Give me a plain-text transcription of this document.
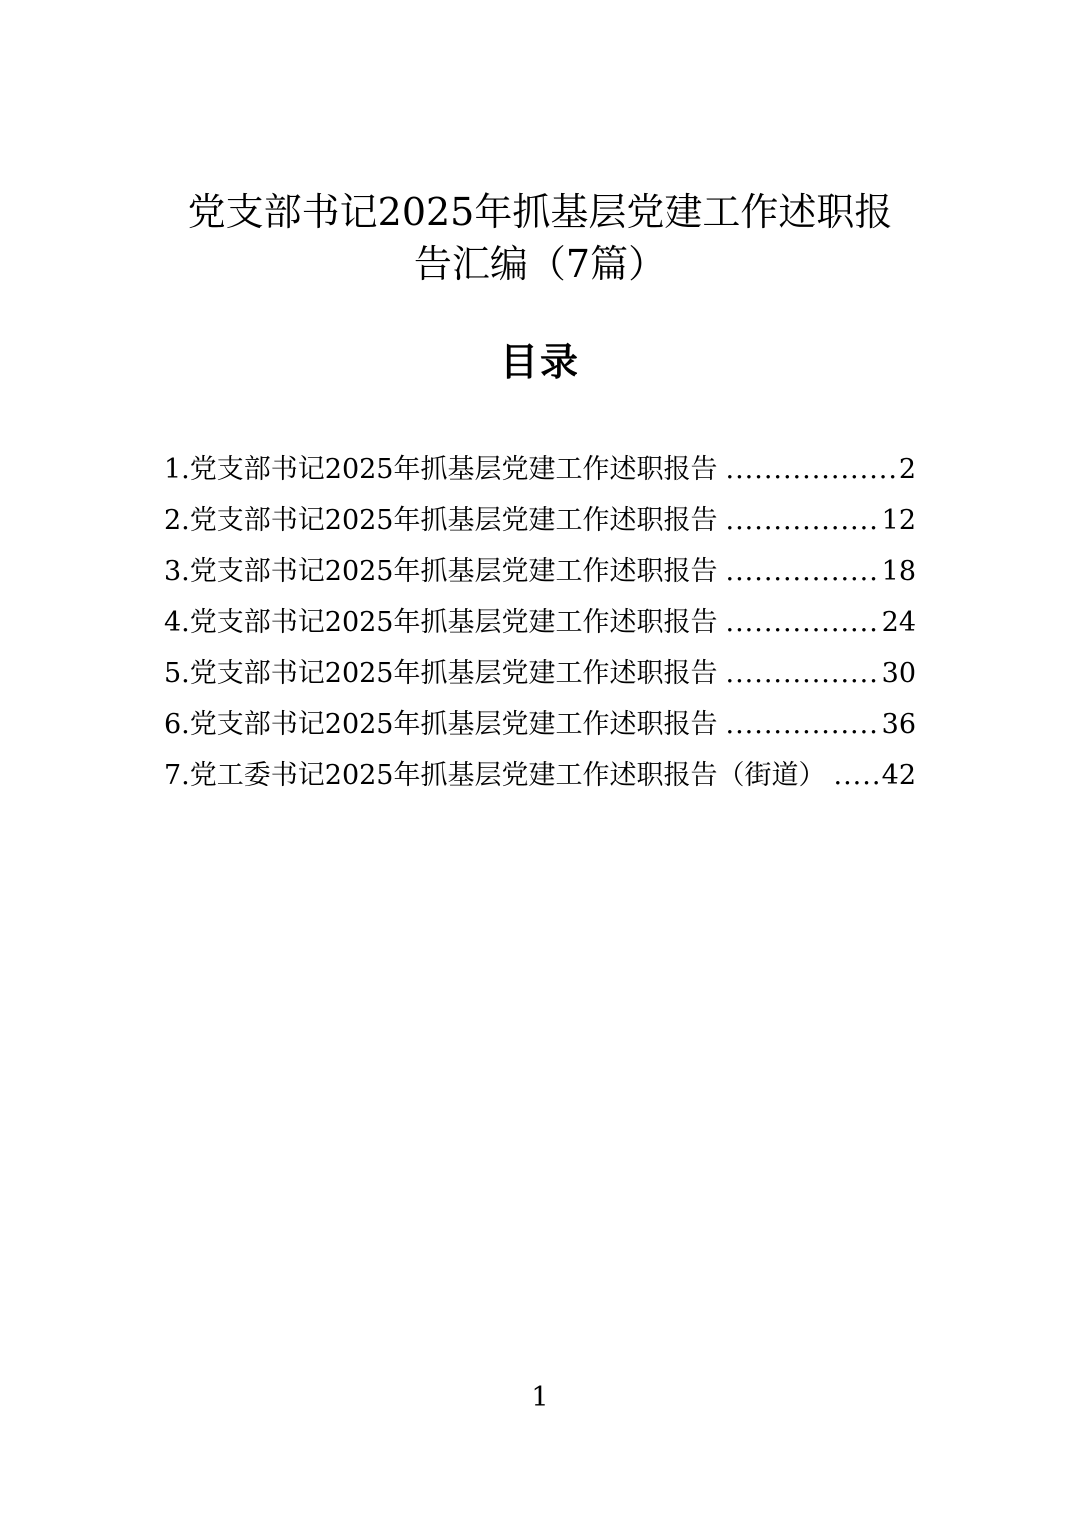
党支部书记2025年抓基层党建工作述职报
告汇编（7篇）
目录
1.党支部书记2025年抓基层党建工作述职报告 .....	2
2.党支部书记2025年抓基层党建工作述职报告 .....	12
3.党支部书记2025年抓基层党建工作述职报告 .....	18
4.党支部书记2025年抓基层党建工作述职报告 .....	24
5.党支部书记2025年抓基层党建工作述职报告 .....	30
6.党支部书记2025年抓基层党建工作述职报告 .....	36
7.党工委书记2025年抓基层党建工作述职报告（街道） ..... 42
1
